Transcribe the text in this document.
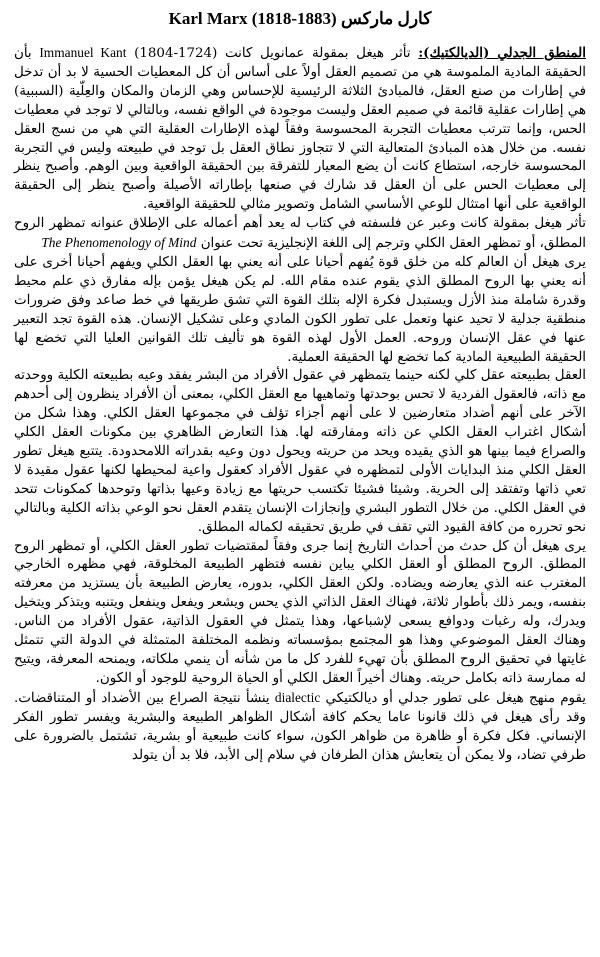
Karl Marx (1818-1883) كارل ماركس

المنطق الجدلي (الديالكتيك): تأثر هيغل بمقولة عمانويل كانت (1724-1804) Immanuel Kant بأن الحقيقة المادية الملموسة هي من تصميم العقل أولاً على أساس أن كل المعطيات الحسية لا بد أن تدخل في إطارات من صنع العقل، فالمبادئ الثلاثة الرئيسية للإحساس وهي الزمان والمكان والعِلّية (السببية) هي إطارات عقلية قائمة في صميم العقل وليست موجودة في الواقع نفسه، وبالتالي لا توجد في معطيات الحس، وإنما تترتب معطيات التجربة المحسوسة وفقاً لهذه الإطارات العقلية التي هي من نسج العقل نفسه. من خلال هذه المبادئ المتعالية التي لا تتجاوز نطاق العقل بل توجد في طبيعته وليس في التجربة المحسوسة خارجه، استطاع كانت أن يضع المعيار للتفرقة بين الحقيقة الواقعية وبين الوهم. وأصبح ينظر إلى معطيات الحس على أن العقل قد شارك في صنعها بإطاراته الأصيلة وأصبح ينظر إلى الحقيقة الواقعية على أنها امتثال للوعي الأساسي الشامل وتصوير مثالي للحقيقة الواقعية.

تأثر هيغل بمقولة كانت وعبر عن فلسفته في كتاب له يعد أهم أعماله على الإطلاق عنوانه تمظهر الروح المطلق، أو تمظهر العقل الكلي وترجم إلى اللغة الإنجليزية تحت عنوان The Phenomenology of Mind

يرى هيغل أن العالم كله من خلق قوة يُفهم أحيانا على أنه يعني بها العقل الكلي ويفهم أحيانا أخرى على أنه يعني بها الروح المطلق الذي يقوم عنده مقام الله. لم يكن هيغل يؤمن بإله مفارق ذي علم محيط وقدرة شاملة منذ الأزل ويستبدل فكرة الإله بتلك القوة التي تشق طريقها في خط صاعد وفق ضرورات منطقية جدلية لا تحيد عنها وتعمل على تطور الكون المادي وعلى تشكيل الإنسان. هذه القوة تجد التعبير عنها في عقل الإنسان وروحه. العمل الأول لهذه القوة هو تأليف تلك القوانين العليا التي تخضع لها الحقيقة الطبيعية المادية كما تخضع لها الحقيقة العملية.

العقل بطبيعته عقل كلي لكنه حينما يتمظهر في عقول الأفراد من البشر يفقد وعيه بطبيعته الكلية ووحدته مع ذاته، فالعقول الفردية لا تحس بوحدتها وتماهيها مع العقل الكلي، بمعنى أن الأفراد ينظرون إلى أحدهم الآخر على أنهم أضداد متعارضين لا على أنهم أجزاء تؤلف في مجموعها العقل الكلي. وهذا شكل من أشكال اغتراب العقل الكلي عن ذاته ومفارقته لها. هذا التعارض الظاهري بين مكونات العقل الكلي والصراع فيما بينها هو الذي يقيده ويحد من حريته ويحول دون وعيه بقدراته اللامحدودة. يتتبع هيغل تطور العقل الكلي منذ البدايات الأولى لتمظهره في عقول الأفراد كعقول واعية لمحيطها لكنها عقول مقيدة لا تعي ذاتها وتفتقد إلى الحرية. وشيئا فشيئا تكتسب حريتها مع زيادة وعيها بذاتها وتوحدها كمكونات تتحد في العقل الكلي. من خلال التطور البشري وإنجازات الإنسان يتقدم العقل نحو الوعي بذاته الكلية وبالتالي نحو تحرره من كافة القيود التي تقف في طريق تحقيقه لكماله المطلق.

يرى هيغل أن كل حدث من أحداث التاريخ إنما جرى وفقاً لمقتضيات تطور العقل الكلي، أو تمظهر الروح المطلق. الروح المطلق أو العقل الكلي يباين نفسه فتظهر الطبيعة المخلوقة، فهي مظهره الخارجي المغترب عنه الذي يعارضه ويضاده. ولكن العقل الكلي، بدوره، يعارض الطبيعة بأن يستزيد من معرفته بنفسه، ويمر ذلك بأطوار ثلاثة، فهناك العقل الذاتي الذي يحس ويشعر ويفعل وينفعل ويتنبه ويتذكر ويتخيل ويدرك، وله رغبات ودوافع يسعى لإشباعها، وهذا يتمثل في العقول الذاتية، عقول الأفراد من الناس. وهناك العقل الموضوعي وهذا هو المجتمع بمؤسساته ونظمه المختلفة المتمثلة في الدولة التي تتمثل غايتها في تحقيق الروح المطلق بأن تهيء للفرد كل ما من شأنه أن ينمي ملكاته، ويمنحه المعرفة، ويتيح له ممارسة ذاته بكامل حريته. وهناك أخيراً العقل الكلي أو الحياة الروحية للوجود أو الكون.

يقوم منهج هيغل على تطور جدلي أو ديالكتيكي dialectic ينشأ نتيجة الصراع بين الأضداد أو المتناقضات. وقد رأى هيغل في ذلك قانونا عاما يحكم كافة أشكال الظواهر الطبيعة والبشرية ويفسر تطور الفكر الإنساني. فكل فكرة أو ظاهرة من ظواهر الكون، سواء كانت طبيعية أو بشرية، تشتمل بالضرورة على طرفي تضاد، ولا يمكن أن يتعايش هذان الطرفان في سلام إلى الأبد، فلا بد أن يتولد
